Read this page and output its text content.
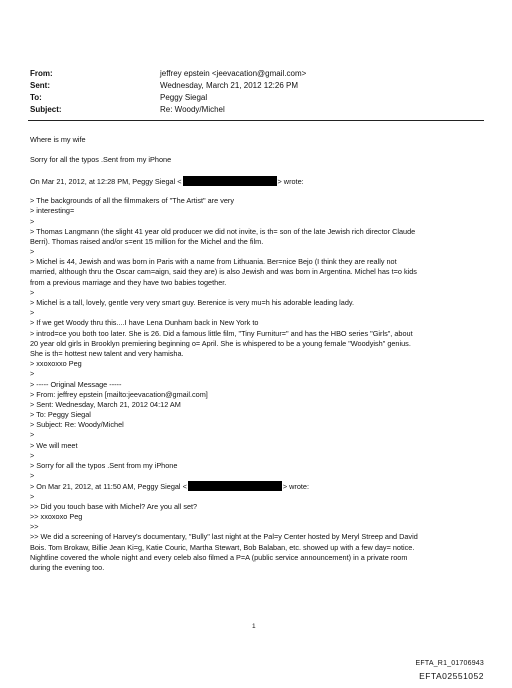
From:	jeffrey epstein <jeevacation@gmail.com>
Sent:	Wednesday, March 21, 2012 12:26 PM
To:	Peggy Siegal
Subject:	Re: Woody/Michel
Where is my wife
Sorry for all the typos .Sent from my iPhone
On Mar 21, 2012, at 12:28 PM, Peggy Siegal <	> wrote:
> The backgrounds of all the filmmakers of "The Artist" are very
> interesting=
>
> Thomas Langmann (the slight 41 year old producer we did not invite, is th= son of the late Jewish rich director Claude
Berri). Thomas raised and/or s=ent 15 million for the Michel and the film.
>
> Michel is 44, Jewish and was born in Paris with a name from Lithuania. Ber=nice Bejo (I think they are really not
married, although thru the Oscar cam=aign, said they are) is also Jewish and was born in Argentina. Michel has t=o kids
from a previous marriage and they have two babies together.
>
> Michel is a tall, lovely, gentle very very smart guy. Berenice is very mu=h his adorable leading lady.
>
> If we get Woody thru this....I have Lena Dunham back in New York to
> introd=ce you both too later. She is 26. Did a famous little film, "Tiny Furnitur=" and has the HBO series "Girls", about
20 year old girls in Brooklyn premiering beginning o= April. She is whispered to be a young female "Woodyish" genius.
She is th= hottest new talent and very hamisha.
> xxoxoxxo Peg
>
> ----- Original Message -----
> From: jeffrey epstein [mailto:jeevacation@gmail.com]
> Sent: Wednesday, March 21, 2012 04:12 AM
> To: Peggy Siegal
> Subject: Re: Woody/Michel
>
> We will meet
>
> Sorry for all the typos .Sent from my iPhone
>
> On Mar 21, 2012, at 11:50 AM, Peggy Siegal <	> wrote:
>
>> Did you touch base with Michel? Are you all set?
>> xxoxoxo Peg
>>
>> We did a screening of Harvey's documentary, "Bully" last night at the Pal=y Center hosted by Meryl Streep and David
Bois. Tom Brokaw, Billie Jean Ki=g, Katie Couric, Martha Stewart, Bob Balaban, etc. showed up with a few day= notice.
Nightline covered the whole night and every celeb also filmed a P=A (public service announcement) in a private room
during the evening too.
1
EFTA_R1_01706943
EFTA02551052
